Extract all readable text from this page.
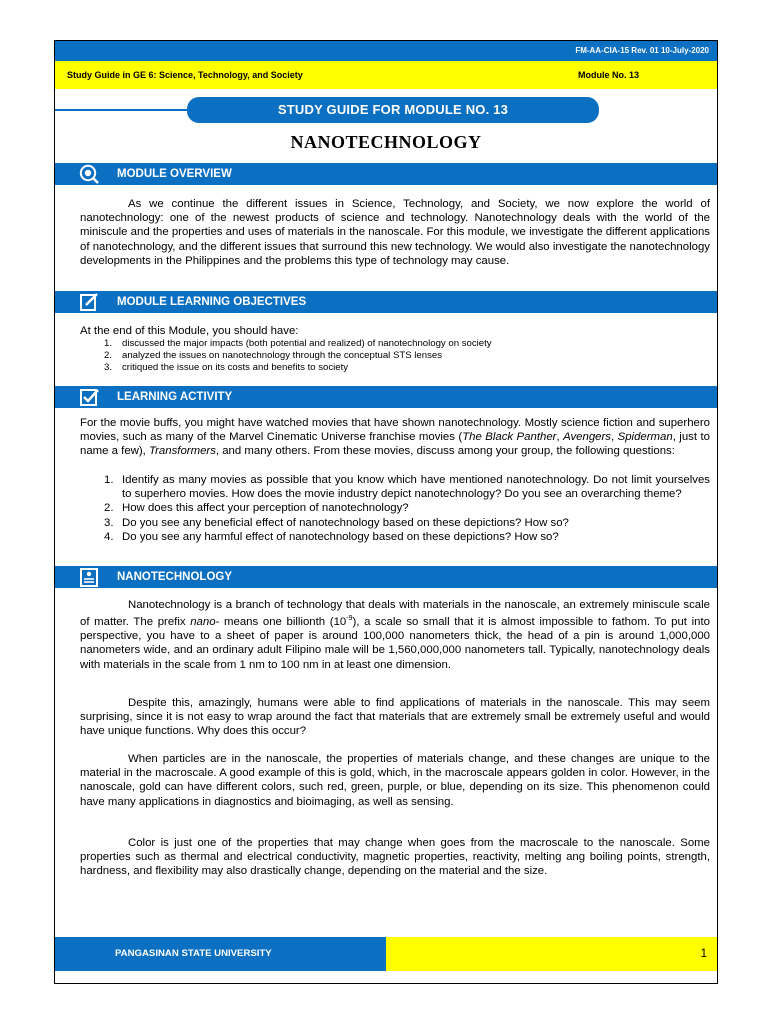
FM-AA-CIA-15 Rev. 01 10-July-2020
Study Guide in GE 6: Science, Technology, and Society	Module No. 13
STUDY GUIDE FOR MODULE NO. 13
NANOTECHNOLOGY
MODULE OVERVIEW
As we continue the different issues in Science, Technology, and Society, we now explore the world of nanotechnology: one of the newest products of science and technology. Nanotechnology deals with the world of the miniscule and the properties and uses of materials in the nanoscale. For this module, we investigate the different applications of nanotechnology, and the different issues that surround this new technology. We would also investigate the nanotechnology developments in the Philippines and the problems this type of technology may cause.
MODULE LEARNING OBJECTIVES
At the end of this Module, you should have:
1. discussed the major impacts (both potential and realized) of nanotechnology on society
2. analyzed the issues on nanotechnology through the conceptual STS lenses
3. critiqued the issue on its costs and benefits to society
LEARNING ACTIVITY
For the movie buffs, you might have watched movies that have shown nanotechnology. Mostly science fiction and superhero movies, such as many of the Marvel Cinematic Universe franchise movies (The Black Panther, Avengers, Spiderman, just to name a few), Transformers, and many others. From these movies, discuss among your group, the following questions:
1. Identify as many movies as possible that you know which have mentioned nanotechnology. Do not limit yourselves to superhero movies. How does the movie industry depict nanotechnology? Do you see an overarching theme?
2. How does this affect your perception of nanotechnology?
3. Do you see any beneficial effect of nanotechnology based on these depictions? How so?
4. Do you see any harmful effect of nanotechnology based on these depictions? How so?
NANOTECHNOLOGY
Nanotechnology is a branch of technology that deals with materials in the nanoscale, an extremely miniscule scale of matter. The prefix nano- means one billionth $(10^{-9})$, a scale so small that it is almost impossible to fathom. To put into perspective, you have to a sheet of paper is around 100,000 nanometers thick, the head of a pin is around 1,000,000 nanometers wide, and an ordinary adult Filipino male will be 1,560,000,000 nanometers tall. Typically, nanotechnology deals with materials in the scale from 1 nm to 100 nm in at least one dimension.
Despite this, amazingly, humans were able to find applications of materials in the nanoscale. This may seem surprising, since it is not easy to wrap around the fact that materials that are extremely small be extremely useful and would have unique functions. Why does this occur?
When particles are in the nanoscale, the properties of materials change, and these changes are unique to the material in the macroscale. A good example of this is gold, which, in the macroscale appears golden in color. However, in the nanoscale, gold can have different colors, such red, green, purple, or blue, depending on its size. This phenomenon could have many applications in diagnostics and bioimaging, as well as sensing.
Color is just one of the properties that may change when goes from the macroscale to the nanoscale. Some properties such as thermal and electrical conductivity, magnetic properties, reactivity, melting ang boiling points, strength, hardness, and flexibility may also drastically change, depending on the material and the size.
PANGASINAN STATE UNIVERSITY	1
